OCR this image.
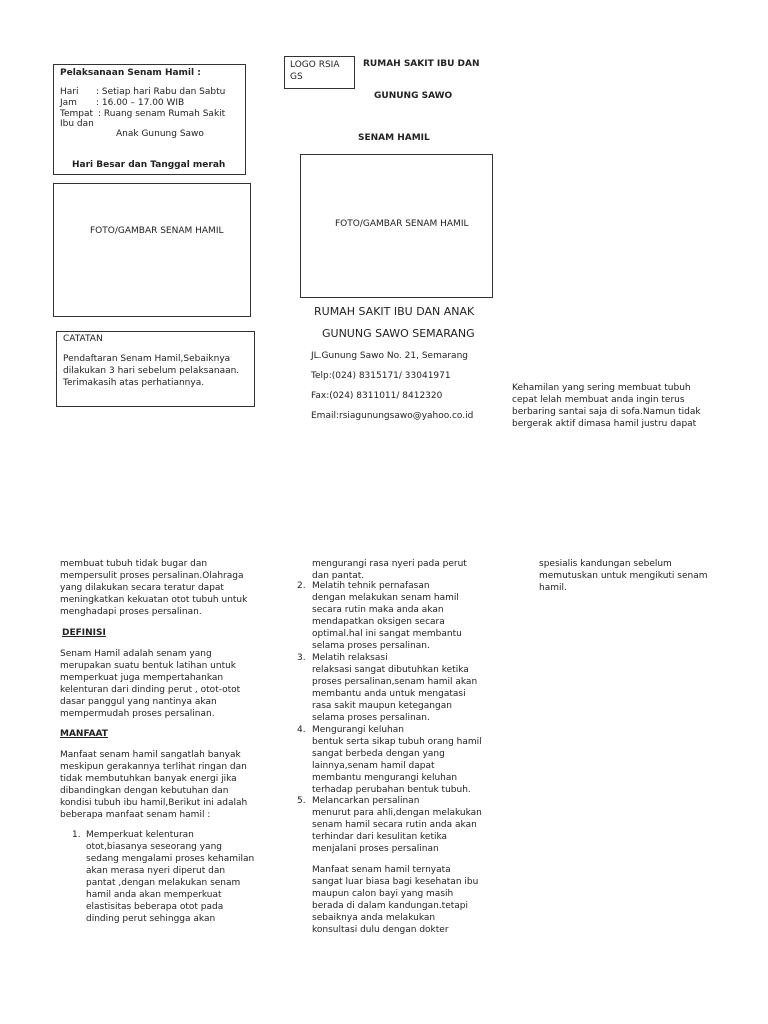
Pelaksanaan Senam Hamil :
Hari : Setiap hari Rabu dan Sabtu
Jam : 16.00 – 17.00 WIB
Tempat : Ruang senam Rumah Sakit
Ibu dan
Anak Gunung Sawo
Hari Besar dan Tanggal merah
FOTO/GAMBAR SENAM HAMIL
CATATAN
Pendaftaran Senam Hamil,Sebaiknya
dilakukan 3 hari sebelum pelaksanaan.
Terimakasih atas perhatiannya.
LOGO RSIA
GS
RUMAH SAKIT IBU DAN
GUNUNG SAWO
SENAM HAMIL
FOTO/GAMBAR SENAM HAMIL
RUMAH SAKIT IBU DAN ANAK
GUNUNG SAWO SEMARANG
JL.Gunung Sawo No. 21, Semarang
Telp:(024) 8315171/ 33041971
Fax:(024) 8311011/ 8412320
Email:rsiagunungsawo@yahoo.co.id
Kehamilan yang sering membuat tubuh
cepat lelah membuat anda ingin terus
berbaring santai saja di sofa.Namun tidak
bergerak aktif dimasa hamil justru dapat
membuat tubuh tidak bugar dan
mempersulit proses persalinan.Olahraga
yang dilakukan secara teratur dapat
meningkatkan kekuatan otot tubuh untuk
menghadapi proses persalinan.
DEFINISI
Senam Hamil adalah senam yang
merupakan suatu bentuk latihan untuk
memperkuat juga mempertahankan
kelenturan dari dinding perut , otot-otot
dasar panggul yang nantinya akan
mempermudah proses persalinan.
MANFAAT
Manfaat senam hamil sangatlah banyak
meskipun gerakannya terlihat ringan dan
tidak membutuhkan banyak energi jika
dibandingkan dengan kebutuhan dan
kondisi tubuh ibu hamil,Berikut ini adalah
beberapa manfaat senam hamil :
1. Memperkuat kelenturan
otot,biasanya seseorang yang
sedang mengalami proses kehamilan
akan merasa nyeri diperut dan
pantat ,dengan melakukan senam
hamil anda akan memperkuat
elastisitas beberapa otot pada
dinding perut sehingga akan
mengurangi rasa nyeri pada perut
dan pantat.
2. Melatih tehnik pernafasan
dengan melakukan senam hamil
secara rutin maka anda akan
mendapatkan oksigen secara
optimal.hal ini sangat membantu
selama proses persalinan.
3. Melatih relaksasi
relaksasi sangat dibutuhkan ketika
proses persalinan,senam hamil akan
membantu anda untuk mengatasi
rasa sakit maupun ketegangan
selama proses persalinan.
4. Mengurangi keluhan
bentuk serta sikap tubuh orang hamil
sangat berbeda dengan yang
lainnya,senam hamil dapat
membantu mengurangi keluhan
terhadap perubahan bentuk tubuh.
5. Melancarkan persalinan
menurut para ahli,dengan melakukan
senam hamil secara rutin anda akan
terhindar dari kesulitan ketika
menjalani proses persalinan
Manfaat senam hamil ternyata
sangat luar biasa bagi kesehatan ibu
maupun calon bayi yang masih
berada di dalam kandungan.tetapi
sebaiknya anda melakukan
konsultasi dulu dengan dokter
spesialis kandungan sebelum
memutuskan untuk mengikuti senam
hamil.
